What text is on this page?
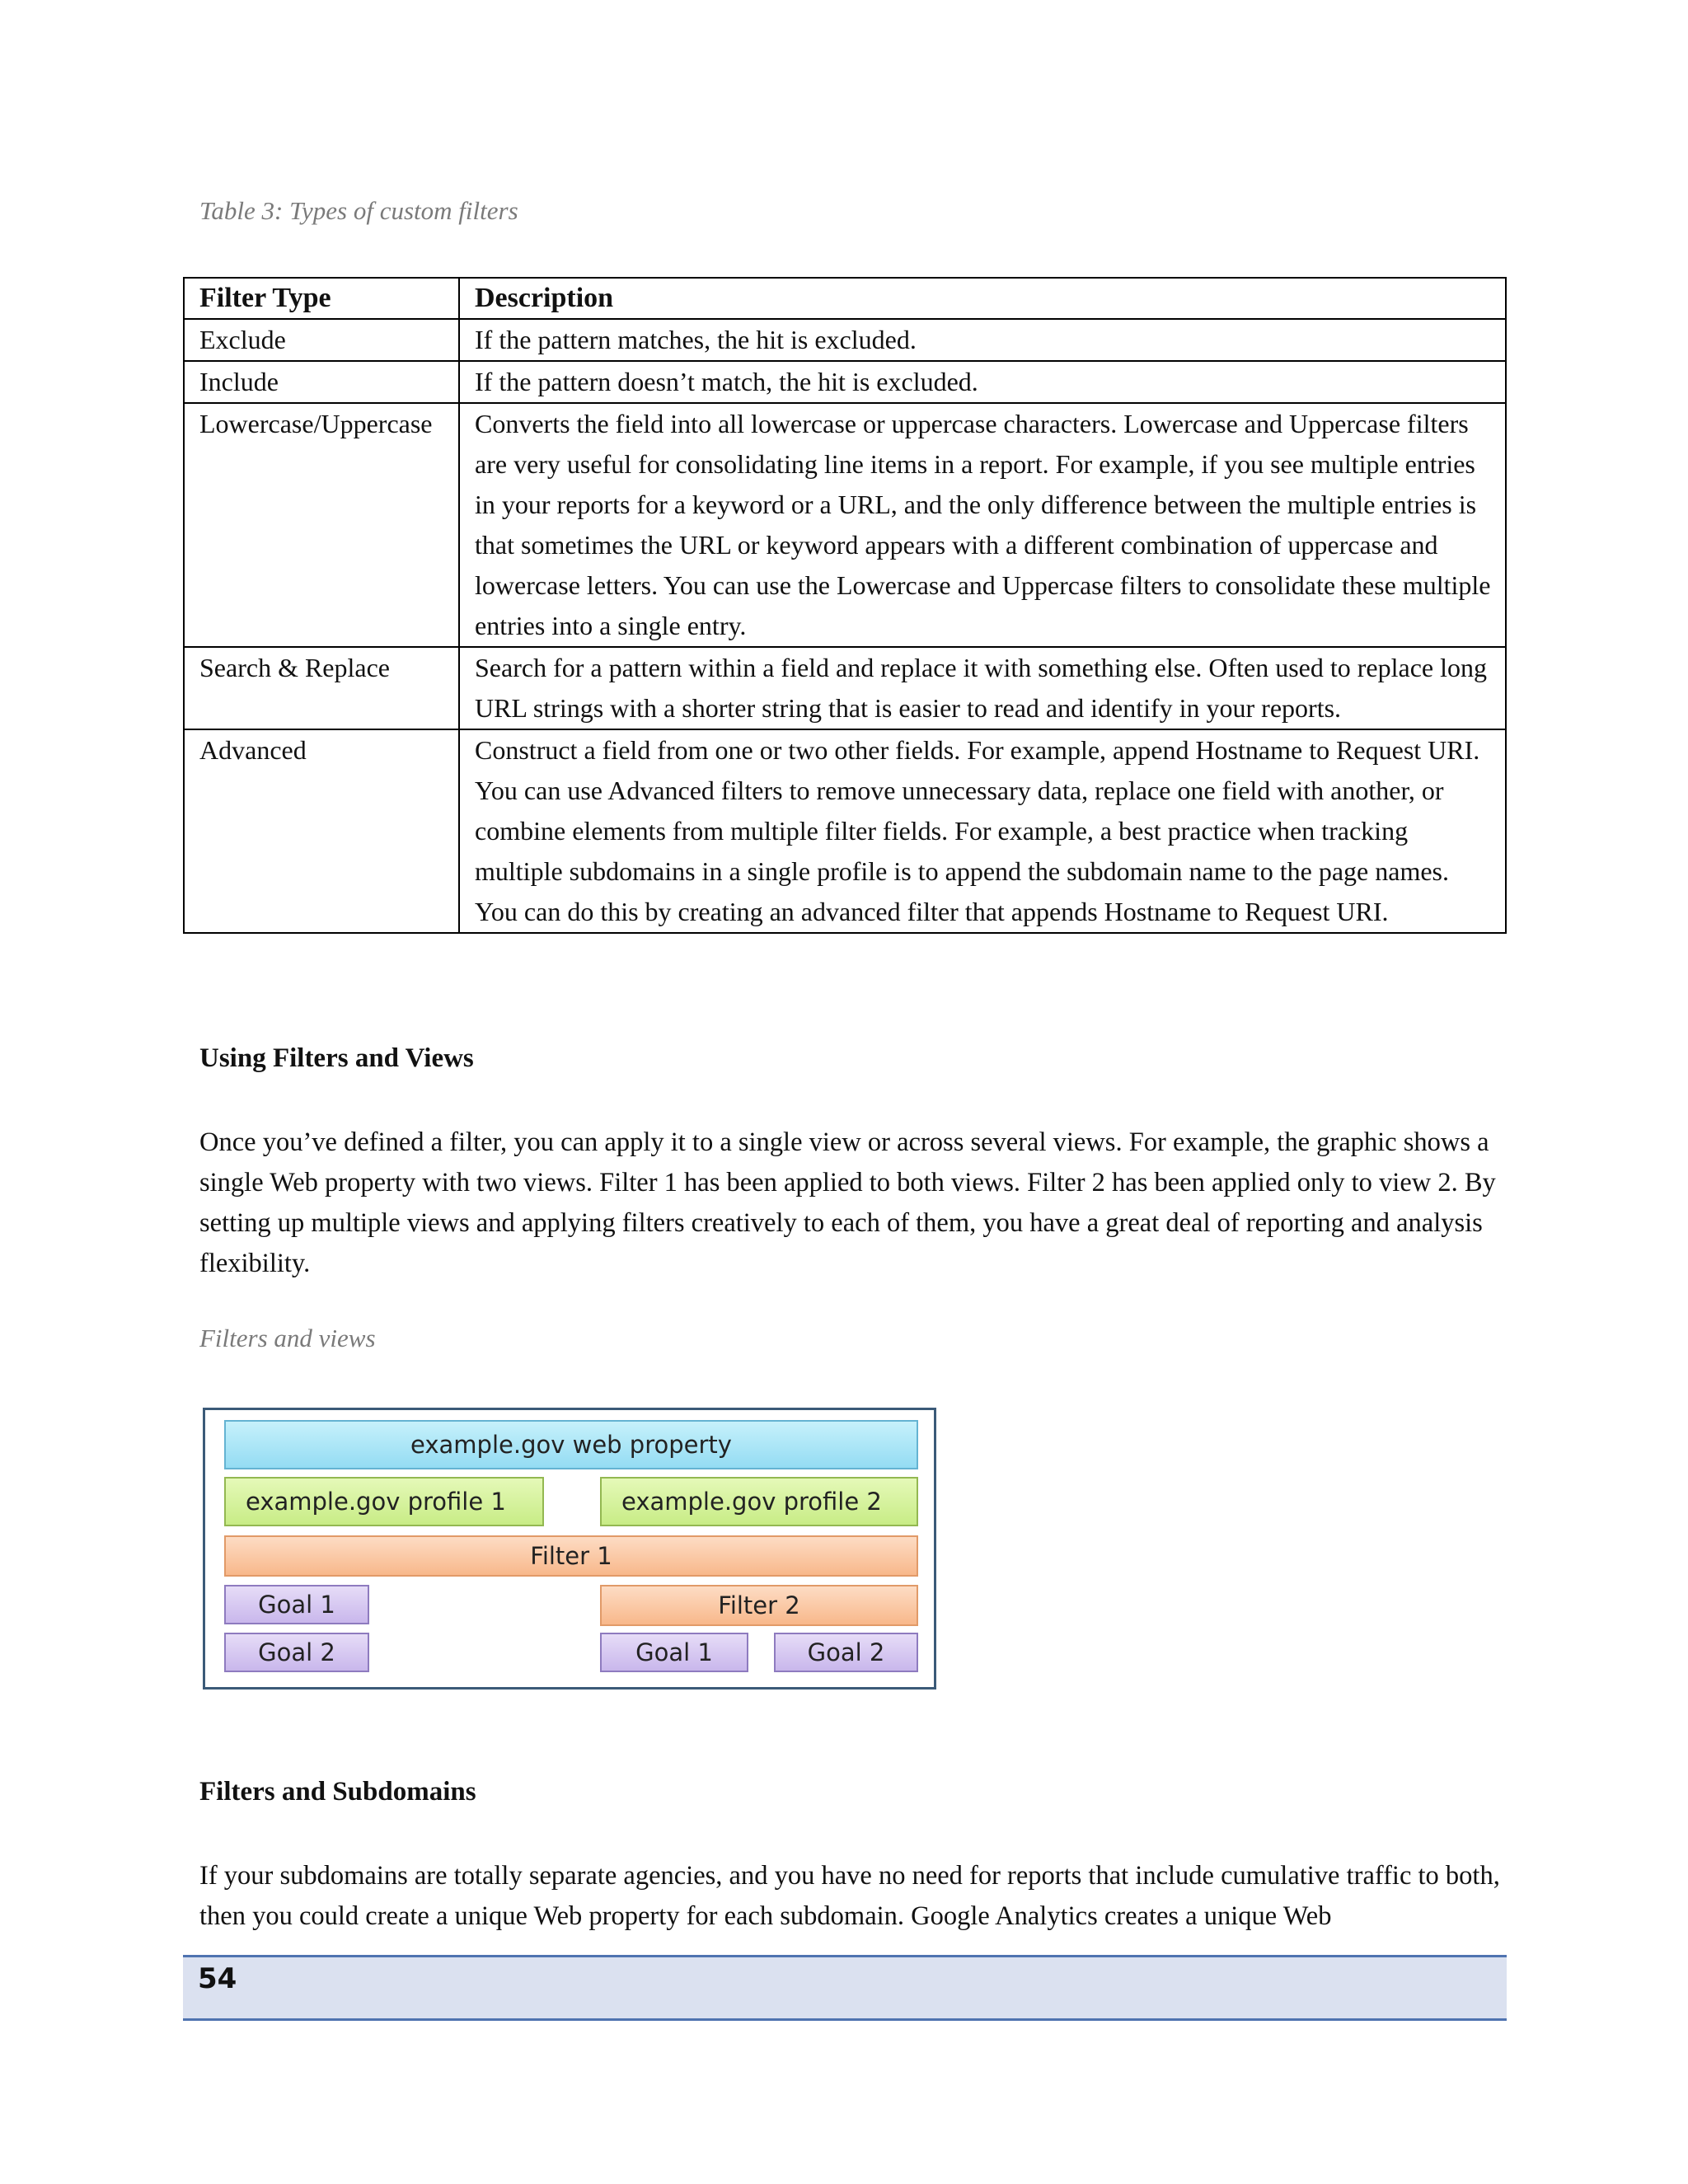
Table 3: Types of custom filters
Filter Type	Description
Exclude	If the pattern matches, the hit is excluded.
Include	If the pattern doesn’t match, the hit is excluded.
Lowercase/Uppercase	Converts the field into all lowercase or uppercase characters. Lowercase and Uppercase filters are very useful for consolidating line items in a report. For example, if you see multiple entries in your reports for a keyword or a URL, and the only difference between the multiple entries is that sometimes the URL or keyword appears with a different combination of uppercase and lowercase letters. You can use the Lowercase and Uppercase filters to consolidate these multiple entries into a single entry.
Search & Replace	Search for a pattern within a field and replace it with something else. Often used to replace long URL strings with a shorter string that is easier to read and identify in your reports.
Advanced	Construct a field from one or two other fields. For example, append Hostname to Request URI. You can use Advanced filters to remove unnecessary data, replace one field with another, or combine elements from multiple filter fields. For example, a best practice when tracking multiple subdomains in a single profile is to append the subdomain name to the page names. You can do this by creating an advanced filter that appends Hostname to Request URI.
Using Filters and Views
Once you’ve defined a filter, you can apply it to a single view or across several views. For example, the graphic shows a single Web property with two views. Filter 1 has been applied to both views. Filter 2 has been applied only to view 2. By setting up multiple views and applying filters creatively to each of them, you have a great deal of reporting and analysis flexibility.
Filters and views
example.gov web property
example.gov profile 1	example.gov profile 2
Filter 1
Goal 1	Filter 2
Goal 2	Goal 1	Goal 2
Filters and Subdomains
If your subdomains are totally separate agencies, and you have no need for reports that include cumulative traffic to both, then you could create a unique Web property for each subdomain. Google Analytics creates a unique Web
54
